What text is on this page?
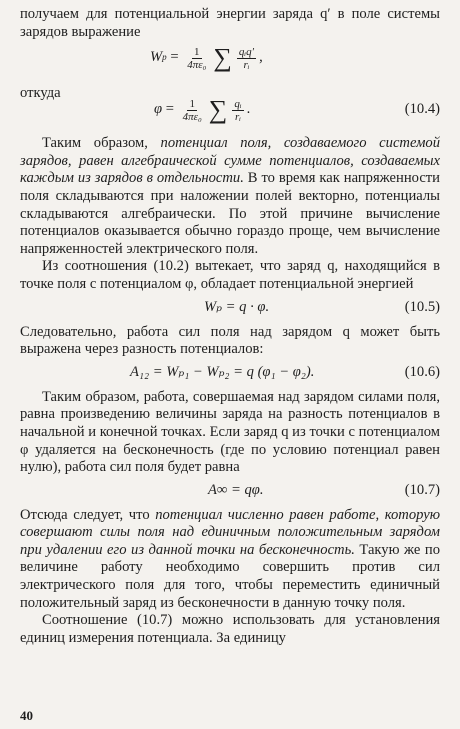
получаем для потенциальной энергии заряда q′ в поле системы зарядов выражение

W $p = \frac{1}{\text{4πε₀}}$ ∑ $\frac{\text{qᵢq′}}{\text{rᵢ}}$ ,
откуда
$\varphi = \frac{1}{\text{4πε₀}}$ ∑ $\frac{\text{qᵢ}}{\text{rᵢ}}$ .	(10.4)

Таким образом, потенциал поля, создаваемого системой зарядов, равен алгебраической сумме потенциалов, создаваемых каждым из зарядов в отдельности. В то время как напряженности поля складываются при наложении полей векторно, потенциалы складываются алгебраически. По этой причине вычисление потенциалов оказывается обычно гораздо проще, чем вычисление напряженностей электрического поля.

Из соотношения (10.2) вытекает, что заряд q, находящийся в точке поля с потенциалом φ, обладает потенциальной энергией

Wₚ = q · φ.	(10.5)

Следовательно, работа сил поля над зарядом q может быть выражена через разность потенциалов:

A₁₂ = Wₚ₁ − Wₚ₂ = q (φ₁ − φ₂).	(10.6)

Таким образом, работа, совершаемая над зарядом силами поля, равна произведению величины заряда на разность потенциалов в начальной и конечной точках. Если заряд q из точки с потенциалом φ удаляется на бесконечность (где по условию потенциал равен нулю), работа сил поля будет равна

A∞ = qφ.	(10.7)

Отсюда следует, что потенциал численно равен работе, которую совершают силы поля над единичным положительным зарядом при удалении его из данной точки на бесконечность. Такую же по величине работу необходимо совершить против сил электрического поля для того, чтобы переместить единичный положительный заряд из бесконечности в данную точку поля.

Соотношение (10.7) можно использовать для установления единиц измерения потенциала. За единицу

40
